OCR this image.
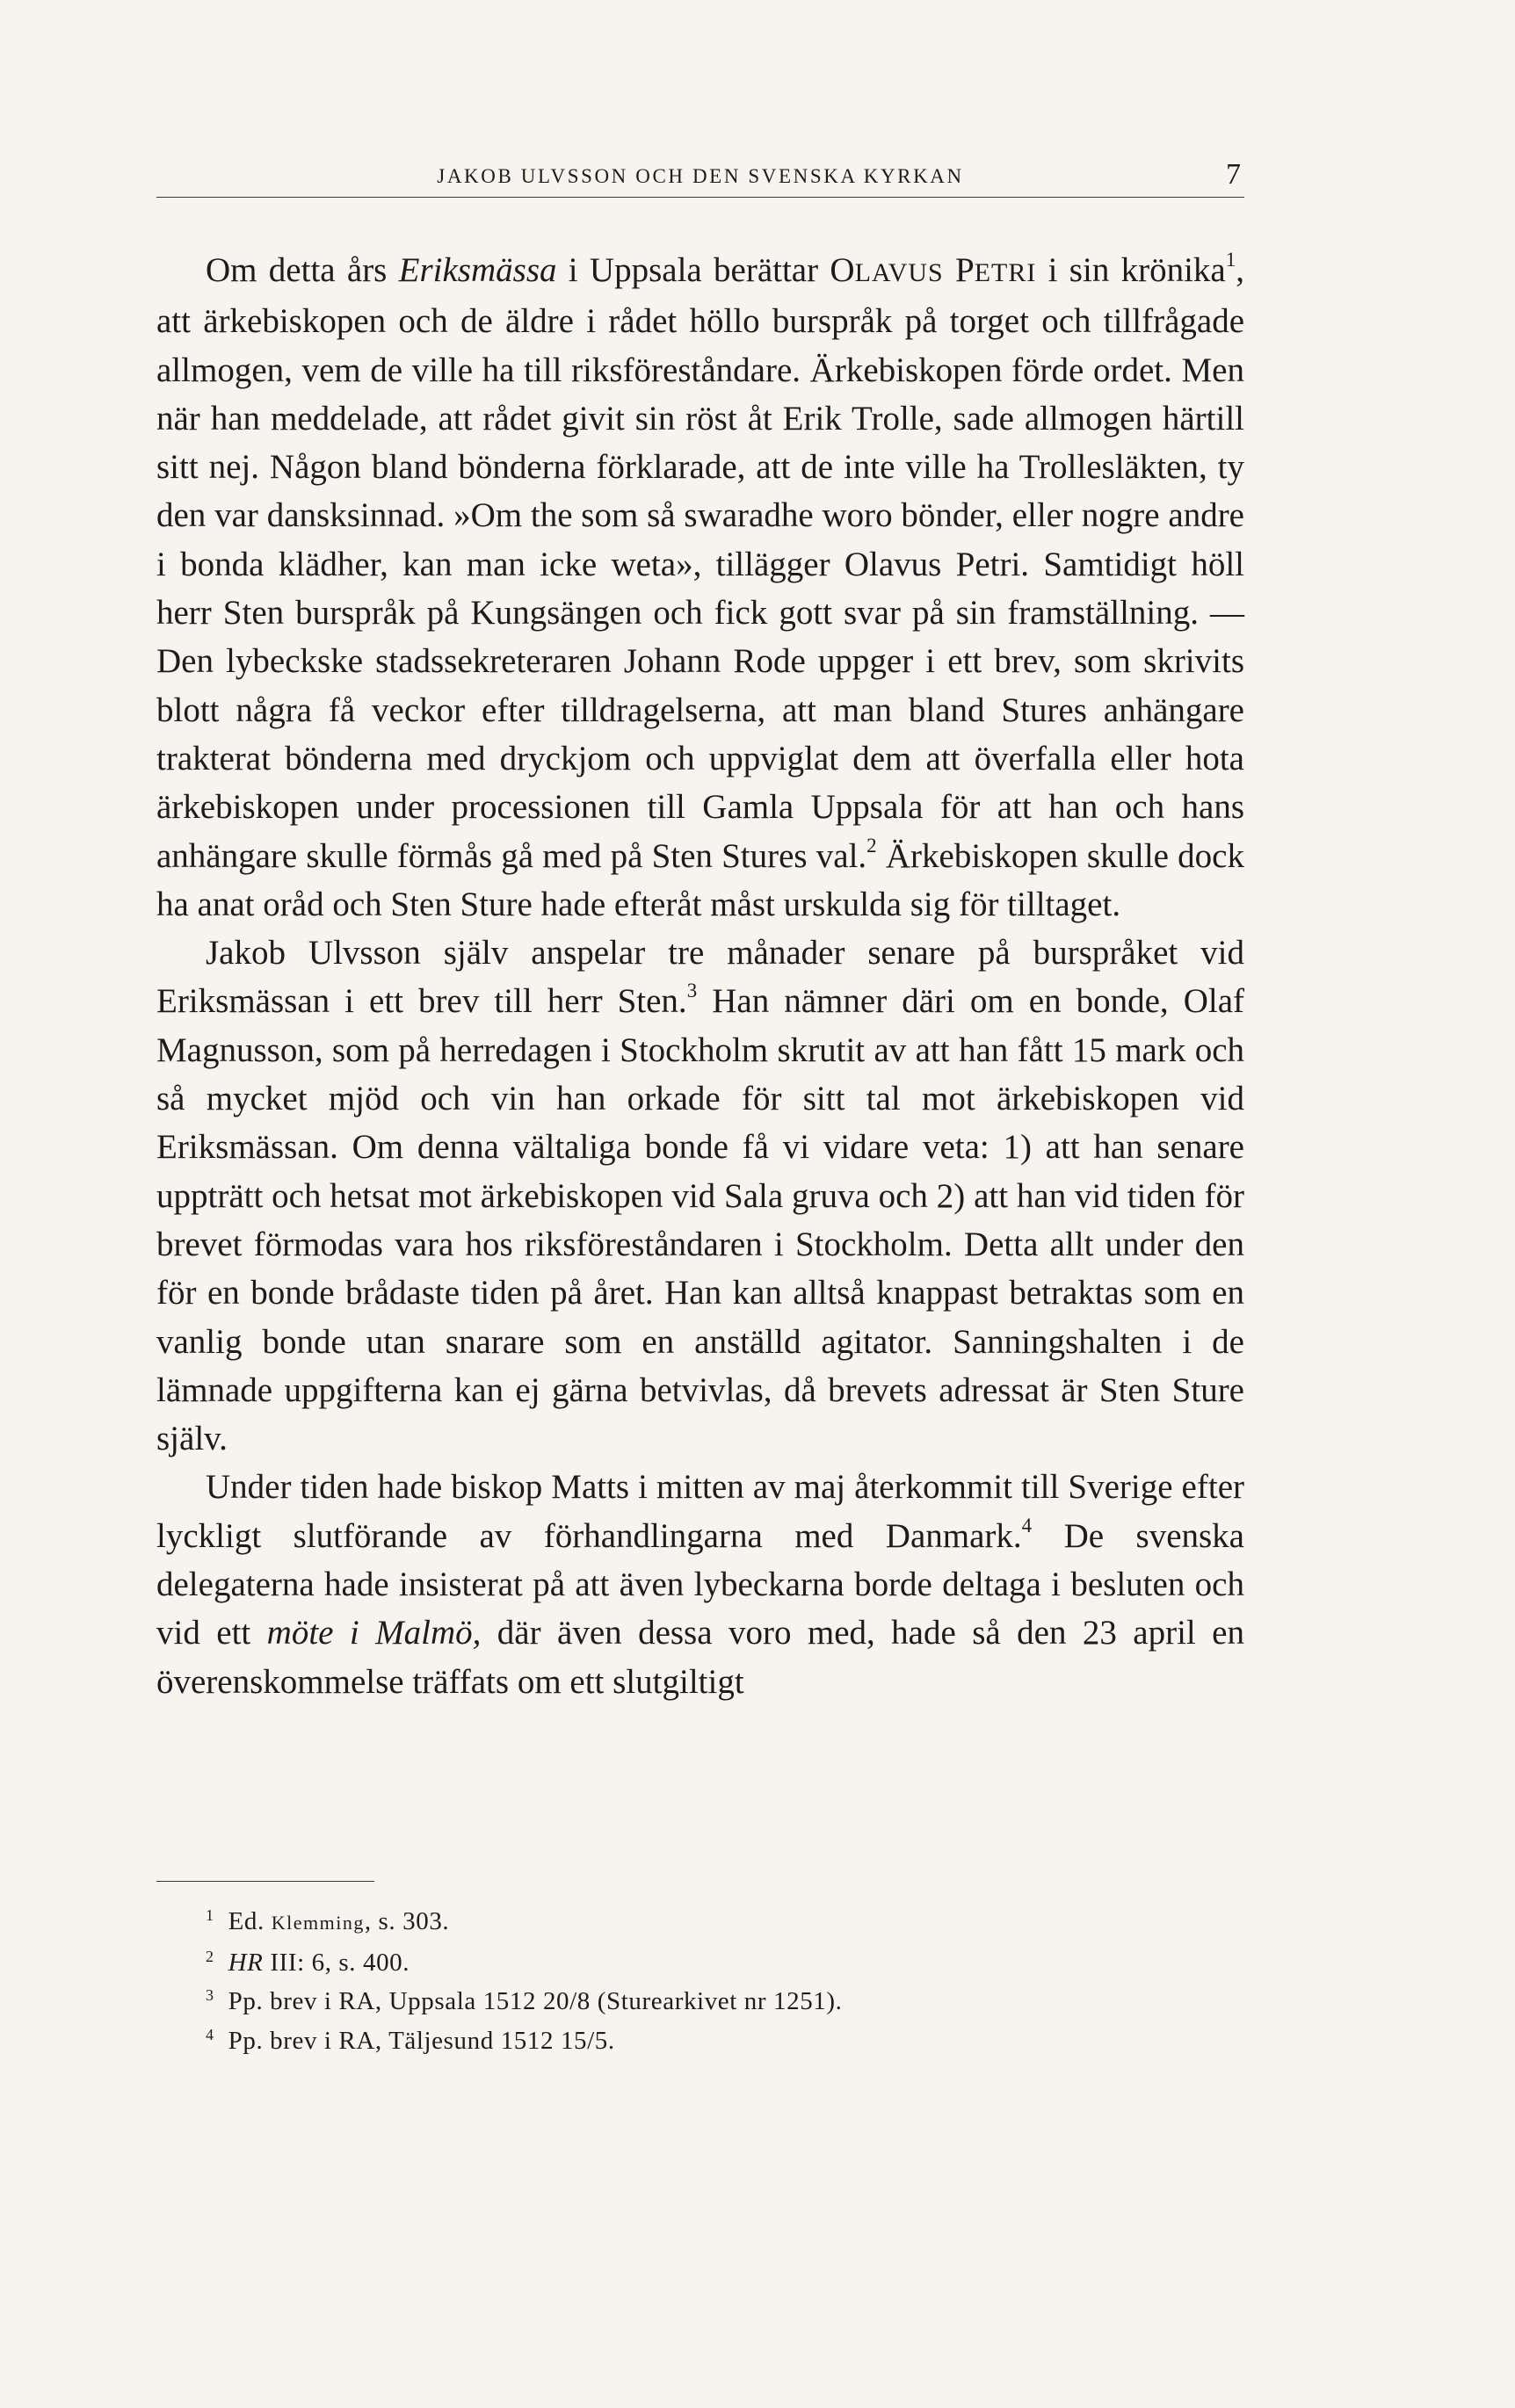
JAKOB ULVSSON OCH DEN SVENSKA KYRKAN	7

Om detta års Eriksmässa i Uppsala berättar OLAVUS PETRI i sin krönika$^1$, att ärkebiskopen och de äldre i rådet höllo burspråk på torget och tillfrågade allmogen, vem de ville ha till riksföreståndare. Ärkebiskopen förde ordet. Men när han meddelade, att rådet givit sin röst åt Erik Trolle, sade allmogen härtill sitt nej. Någon bland bönderna förklarade, att de inte ville ha Trollesläkten, ty den var dansksinnad. »Om the som så swaradhe woro bönder, eller nogre andre i bonda klädher, kan man icke weta», tillägger Olavus Petri. Samtidigt höll herr Sten burspråk på Kungsängen och fick gott svar på sin framställning. — Den lybeckske stadssekreteraren Johann Rode uppger i ett brev, som skrivits blott några få veckor efter tilldragelserna, att man bland Stures anhängare trakterat bönderna med dryckjom och uppviglat dem att överfalla eller hota ärkebiskopen under processionen till Gamla Uppsala för att han och hans anhängare skulle förmås gå med på Sten Stures val.$^2$ Ärkebiskopen skulle dock ha anat oråd och Sten Sture hade efteråt måst urskulda sig för tilltaget.

Jakob Ulvsson själv anspelar tre månader senare på burspråket vid Eriksmässan i ett brev till herr Sten.$^3$ Han nämner däri om en bonde, Olaf Magnusson, som på herredagen i Stockholm skrutit av att han fått 15 mark och så mycket mjöd och vin han orkade för sitt tal mot ärkebiskopen vid Eriksmässan. Om denna vältaliga bonde få vi vidare veta: 1) att han senare uppträtt och hetsat mot ärkebiskopen vid Sala gruva och 2) att han vid tiden för brevet förmodas vara hos riksföreståndaren i Stockholm. Detta allt under den för en bonde brådaste tiden på året. Han kan alltså knappast betraktas som en vanlig bonde utan snarare som en anställd agitator. Sanningshalten i de lämnade uppgifterna kan ej gärna betvivlas, då brevets adressat är Sten Sture själv.

Under tiden hade biskop Matts i mitten av maj återkommit till Sverige efter lyckligt slutförande av förhandlingarna med Danmark.$^4$ De svenska delegaterna hade insisterat på att även lybeckarna borde deltaga i besluten och vid ett möte i Malmö, där även dessa voro med, hade så den 23 april en överenskommelse träffats om ett slutgiltigt

$^1$ Ed. Klemming, s. 303.

$^2$ HR III: 6, s. 400.

$^3$ Pp. brev i RA, Uppsala 1512 20/8 (Sturearkivet nr 1251).

$^4$ Pp. brev i RA, Täljesund 1512 15/5.
